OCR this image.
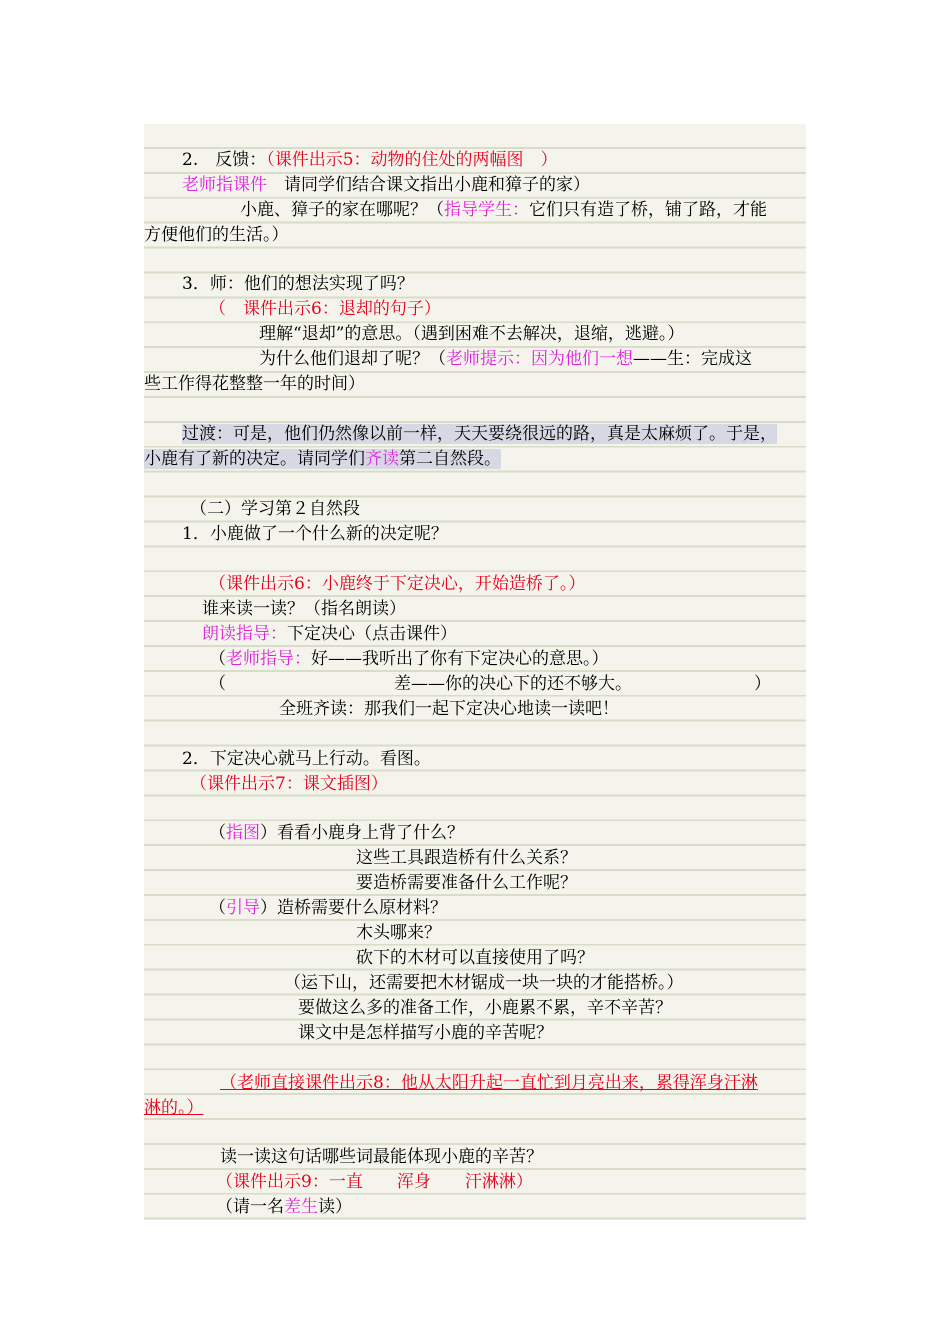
2.　反馈：（课件出示5：动物的住处的两幅图　）
老师指课件　请同学们结合课文指出小鹿和獐子的家）
小鹿、獐子的家在哪呢？（指导学生：它们只有造了桥，铺了路，才能
方便他们的生活。）
3．师：他们的想法实现了吗？
（　课件出示6：退却的句子）
理解“退却”的意思。（遇到困难不去解决，退缩，逃避。）
为什么他们退却了呢？（老师提示：因为他们一想——生：完成这
些工作得花整整一年的时间）
过渡：可是，他们仍然像以前一样，天天要绕很远的路，真是太麻烦了。于是，
小鹿有了新的决定。请同学们齐读第二自然段。
（二）学习第２自然段
1．小鹿做了一个什么新的决定呢？
（课件出示6：小鹿终于下定决心，开始造桥了。）
谁来读一读？（指名朗读）
朗读指导：下定决心（点击课件）
（老师指导：好——我听出了你有下定决心的意思。）
（	差——你的决心下的还不够大。	）
全班齐读：那我们一起下定决心地读一读吧！
2．下定决心就马上行动。看图。
（课件出示7：课文插图）
（指图）看看小鹿身上背了什么？
这些工具跟造桥有什么关系？
要造桥需要准备什么工作呢？
（引导）造桥需要什么原材料？
木头哪来？
砍下的木材可以直接使用了吗？
（运下山，还需要把木材锯成一块一块的才能搭桥。）
要做这么多的准备工作，小鹿累不累，辛不辛苦？
课文中是怎样描写小鹿的辛苦呢？
（老师直接课件出示8：他从太阳升起一直忙到月亮出来，累得浑身汗淋
淋的。）
读一读这句话哪些词最能体现小鹿的辛苦？
（课件出示9：一直　　浑身　　汗淋淋）
（请一名差生读）
